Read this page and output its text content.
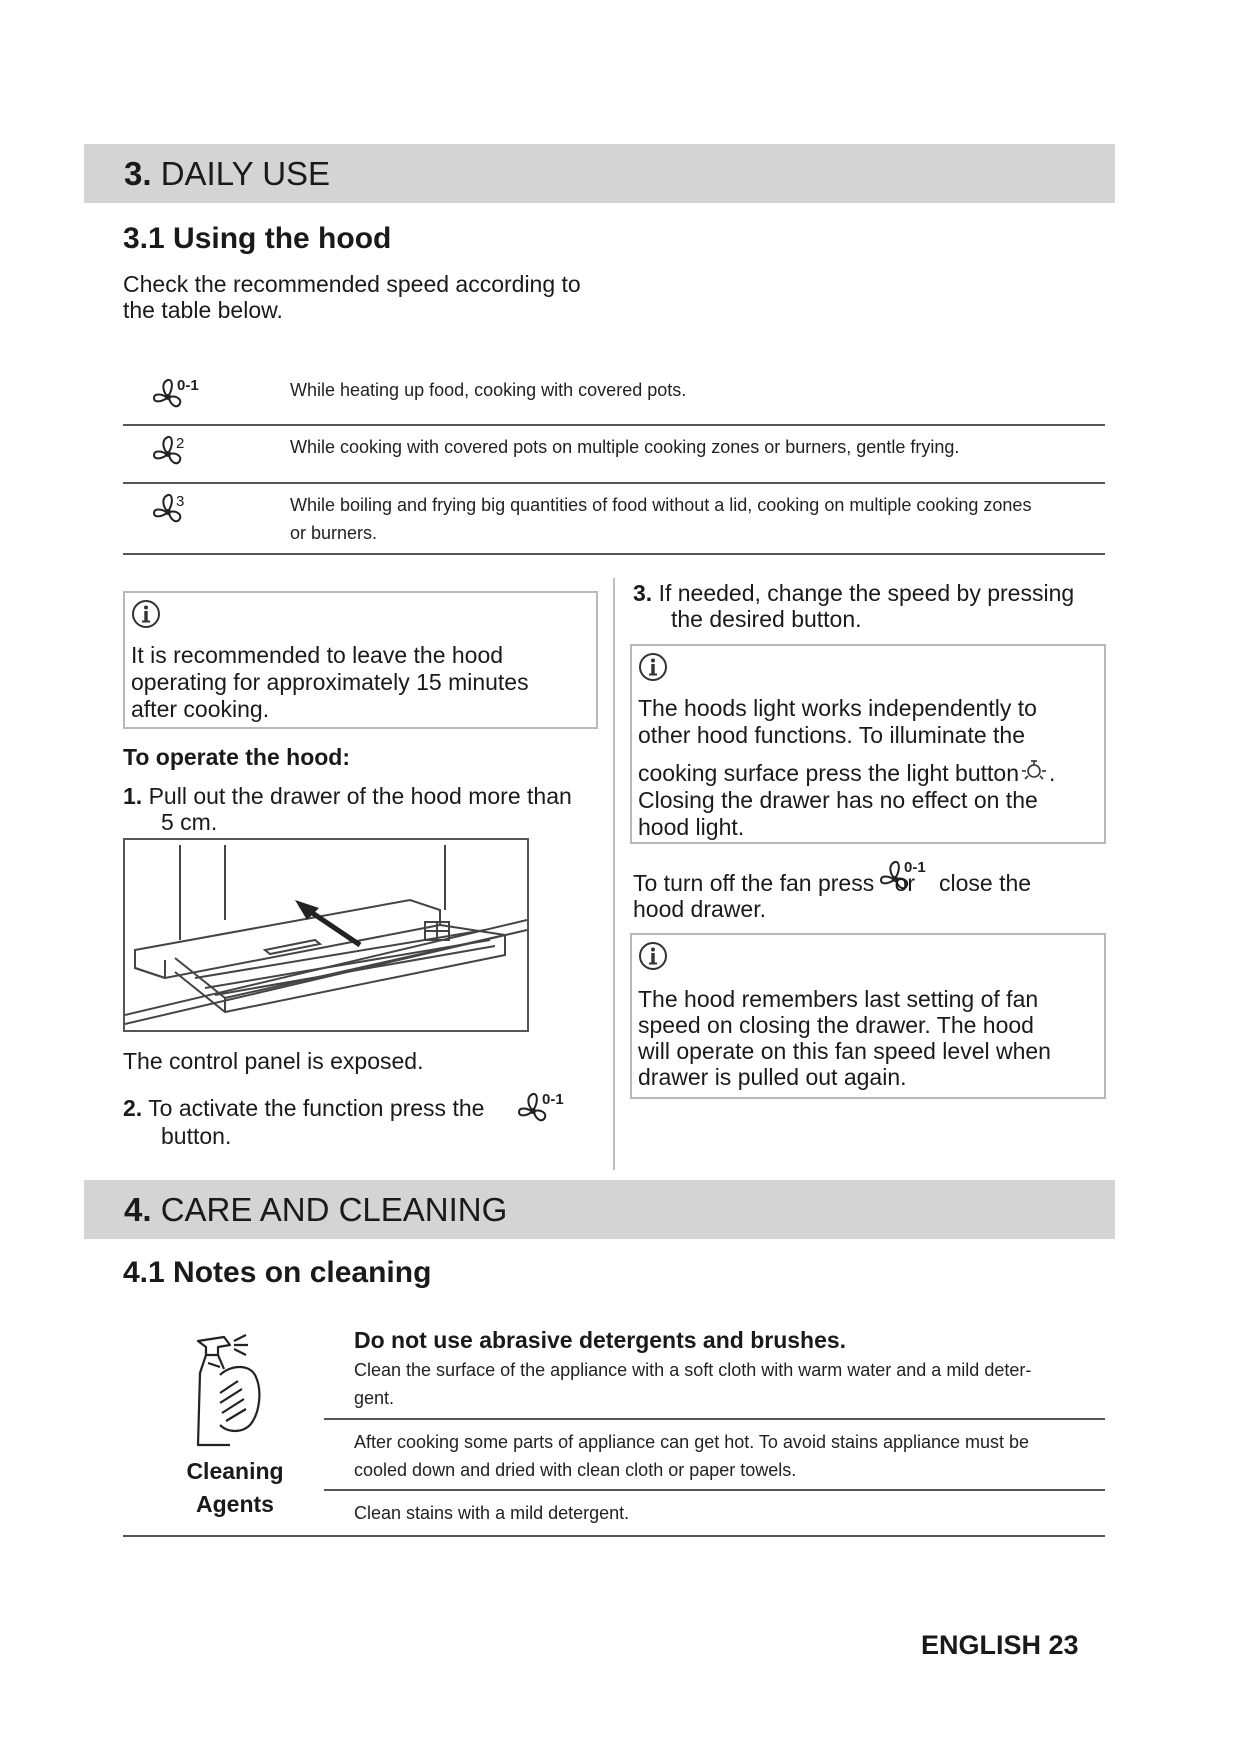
3. DAILY USE
3.1 Using the hood
Check the recommended speed according to
the table below.
0-1	While heating up food, cooking with covered pots.
2	While cooking with covered pots on multiple cooking zones or burners, gentle frying.
3	While boiling and frying big quantities of food without a lid, cooking on multiple cooking zones
or burners.
It is recommended to leave the hood
operating for approximately 15 minutes
after cooking.
To operate the hood:
1. Pull out the drawer of the hood more than
5 cm.
The control panel is exposed.
2. To activate the function press the
button.
0-1
3. If needed, change the speed by pressing
the desired button.
The hoods light works independently to
other hood functions. To illuminate the
cooking surface press the light button .
Closing the drawer has no effect on the
hood light.
To turn off the fan press
0-1
or close the
hood drawer.
The hood remembers last setting of fan
speed on closing the drawer. The hood
will operate on this fan speed level when
drawer is pulled out again.
4. CARE AND CLEANING
4.1 Notes on cleaning
Cleaning
Agents
Do not use abrasive detergents and brushes.
Clean the surface of the appliance with a soft cloth with warm water and a mild deter-
gent.
After cooking some parts of appliance can get hot. To avoid stains appliance must be
cooled down and dried with clean cloth or paper towels.
Clean stains with a mild detergent.
ENGLISH 23
